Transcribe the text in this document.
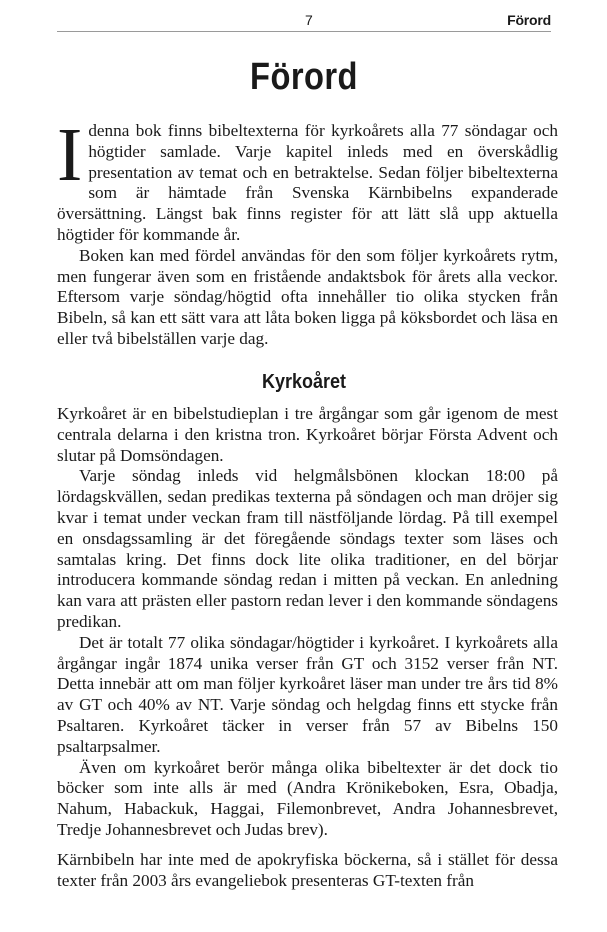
7	Förord
Förord

Idenna bok finns bibeltexterna för kyrkoårets alla 77 söndagar och högtider samlade. Varje kapitel inleds med en överskådlig presentation av temat och en betraktelse. Sedan följer bibeltexterna som är hämtade från Svenska Kärnbibelns expanderade översättning. Längst bak finns register för att lätt slå upp aktuella högtider för kommande år.

Boken kan med fördel användas för den som följer kyrkoårets rytm, men fungerar även som en fristående andaktsbok för årets alla veckor. Eftersom varje söndag/högtid ofta innehåller tio olika stycken från Bibeln, så kan ett sätt vara att låta boken ligga på köksbordet och läsa en eller två bibelställen varje dag.

Kyrkoåret

Kyrkoåret är en bibelstudieplan i tre årgångar som går igenom de mest centrala delarna i den kristna tron. Kyrkoåret börjar Första Advent och slutar på Domsöndagen.

Varje söndag inleds vid helgmålsbönen klockan 18:00 på lördagskvällen, sedan predikas texterna på söndagen och man dröjer sig kvar i temat under veckan fram till nästföljande lördag. På till exempel en onsdagssamling är det föregående söndags texter som läses och samtalas kring. Det finns dock lite olika traditioner, en del börjar introducera kommande söndag redan i mitten på veckan. En anledning kan vara att prästen eller pastorn redan lever i den kommande söndagens predikan.

Det är totalt 77 olika söndagar/högtider i kyrkoåret. I kyrkoårets alla årgångar ingår 1874 unika verser från GT och 3152 verser från NT. Detta innebär att om man följer kyrkoåret läser man under tre års tid 8% av GT och 40% av NT. Varje söndag och helgdag finns ett stycke från Psaltaren. Kyrkoåret täcker in verser från 57 av Bibelns 150 psaltarpsalmer.

Även om kyrkoåret berör många olika bibeltexter är det dock tio böcker som inte alls är med (Andra Krönikeboken, Esra, Obadja, Nahum, Habackuk, Haggai, Filemonbrevet, Andra Johannesbrevet, Tredje Johannesbrevet och Judas brev).

Kärnbibeln har inte med de apokryfiska böckerna, så i stället för dessa texter från 2003 års evangeliebok presenteras GT-texten från
